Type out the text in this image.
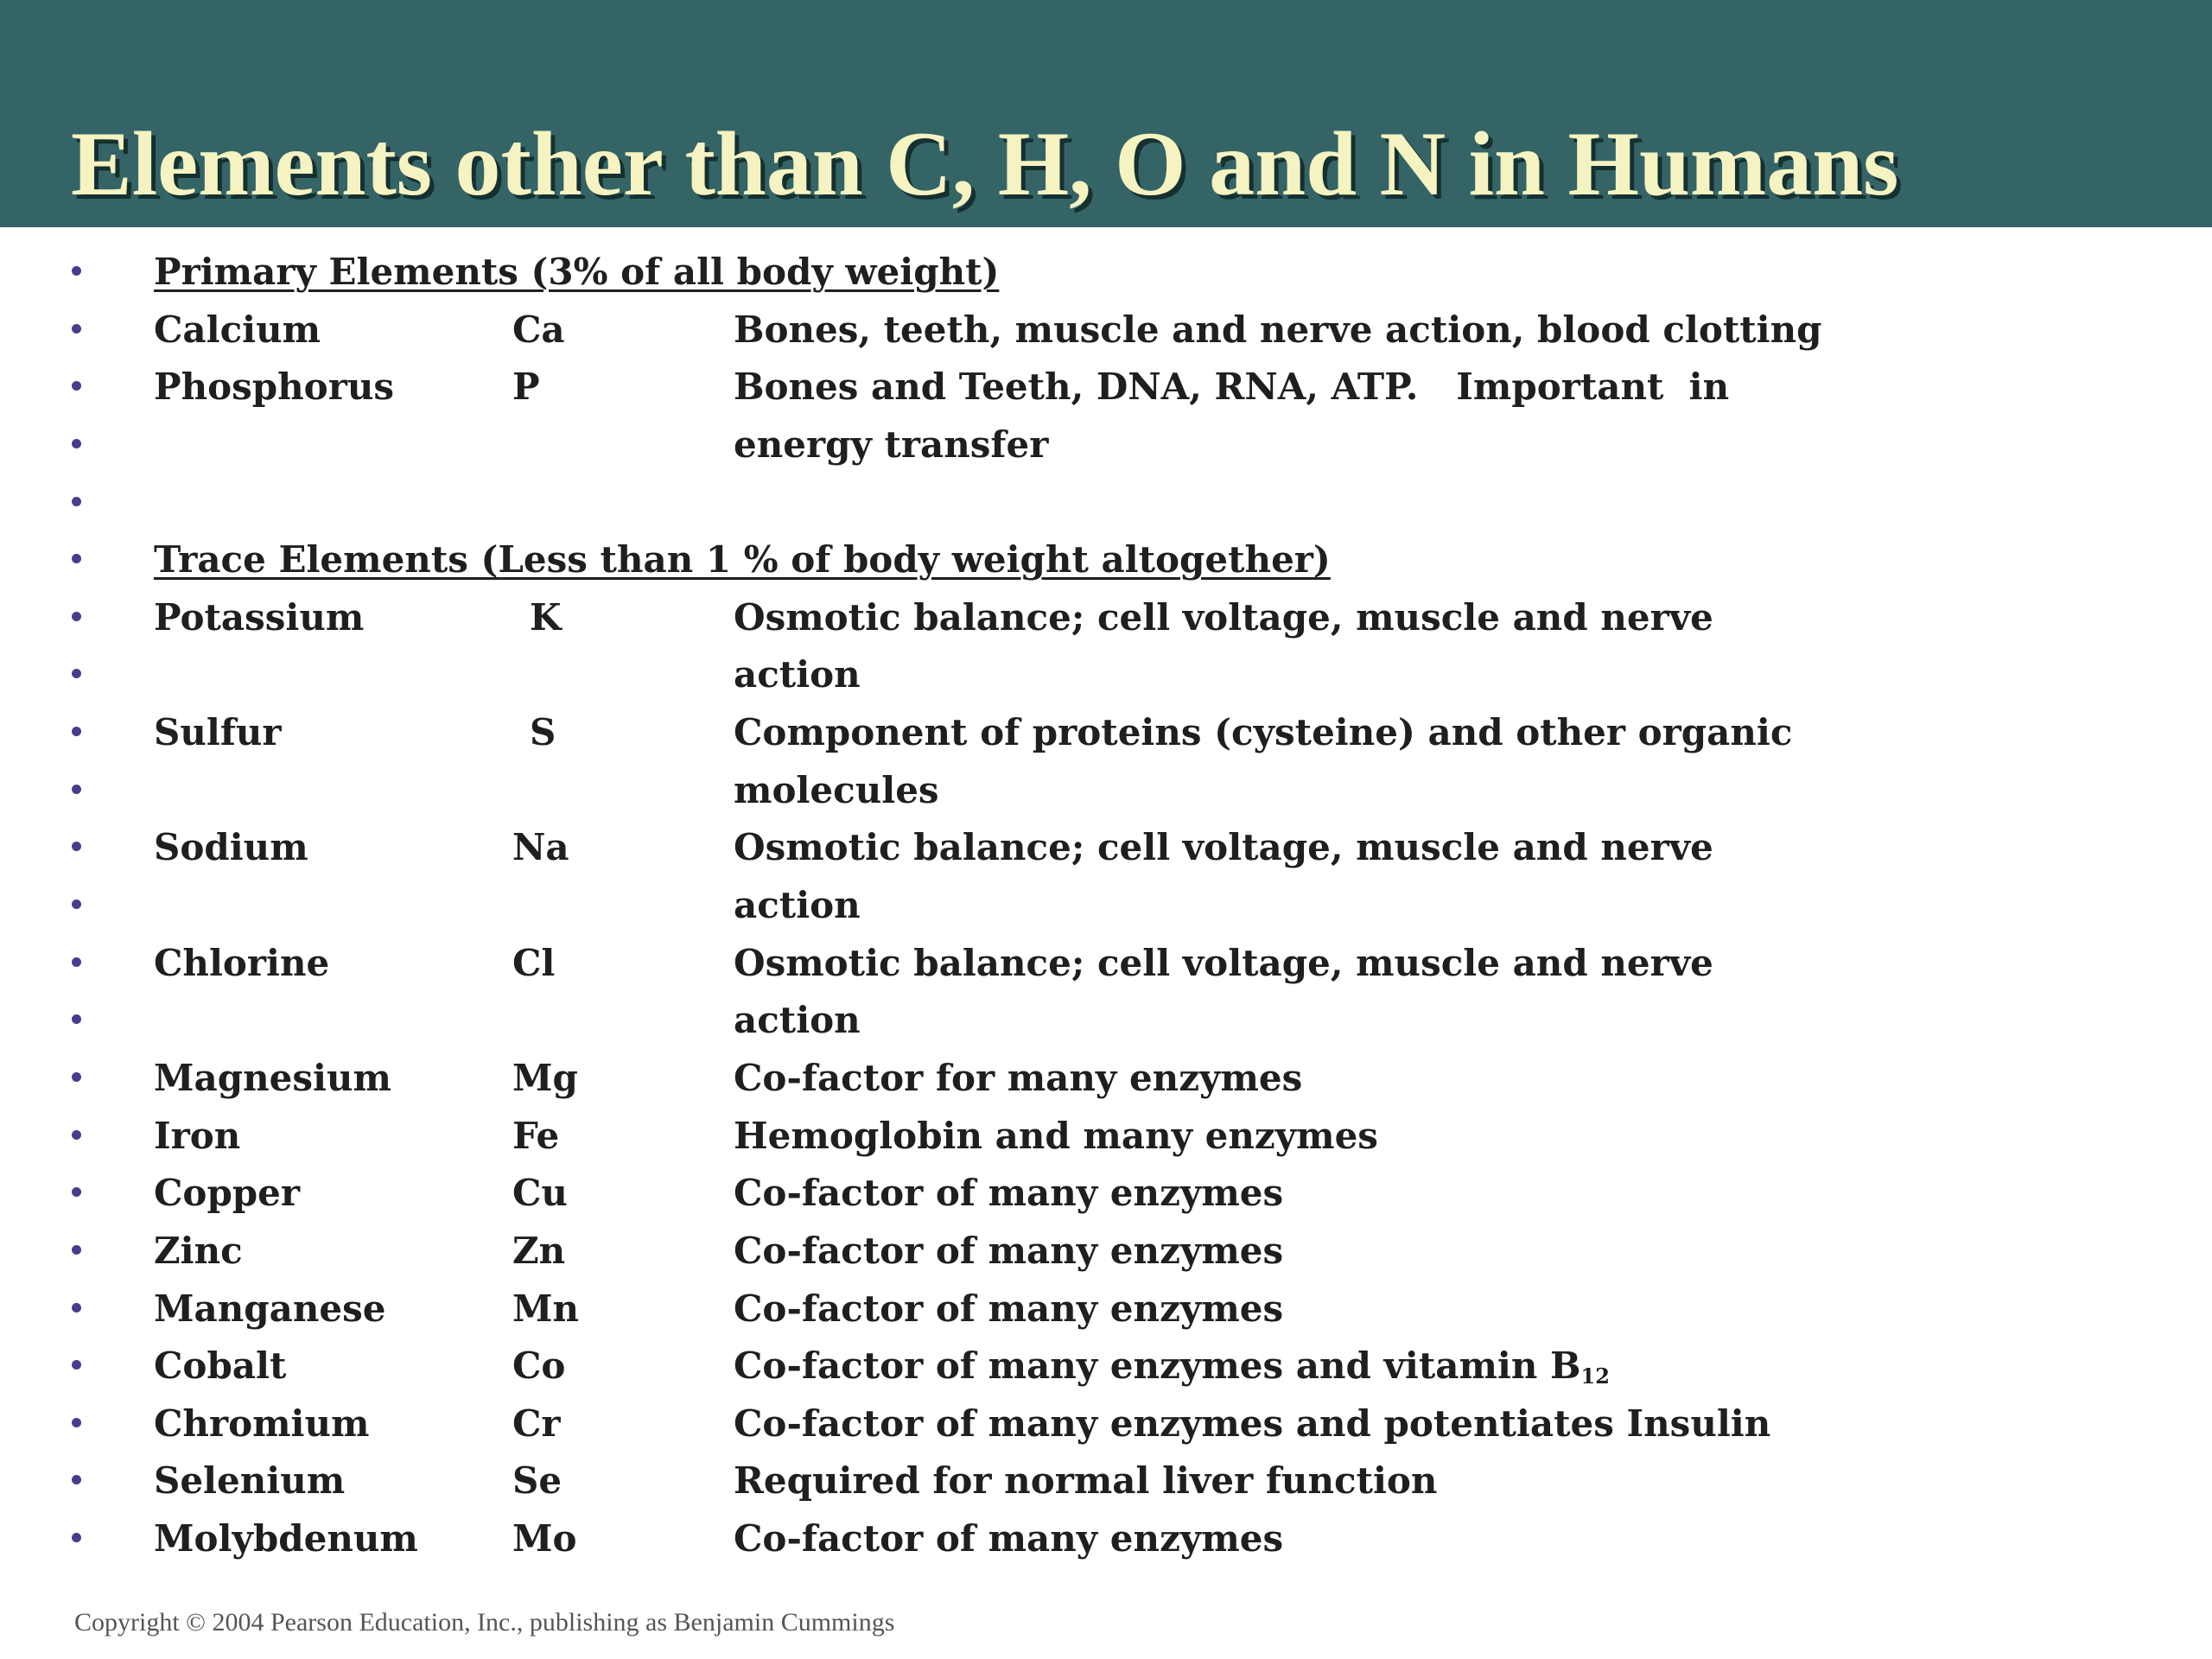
Elements other than C, H, O and N in Humans
Primary Elements (3% of all body weight)
Calcium	Ca	Bones, teeth, muscle and nerve action, blood clotting
Phosphorus	P	Bones and Teeth, DNA, RNA, ATP.   Important  in
energy transfer
Trace Elements (Less than 1 % of body weight altogether)
Potassium	K	Osmotic balance; cell voltage, muscle and nerve
action
Sulfur	S	Component of proteins (cysteine) and other organic
molecules
Sodium	Na	Osmotic balance; cell voltage, muscle and nerve
action
Chlorine	Cl	Osmotic balance; cell voltage, muscle and nerve
action
Magnesium	Mg	Co-factor for many enzymes
Iron	Fe	Hemoglobin and many enzymes
Copper	Cu	Co-factor of many enzymes
Zinc	Zn	Co-factor of many enzymes
Manganese	Mn	Co-factor of many enzymes
Cobalt	Co	Co-factor of many enzymes and vitamin $B_{12}$
Chromium	Cr	Co-factor of many enzymes and potentiates Insulin
Selenium	Se	Required for normal liver function
Molybdenum	Mo	Co-factor of many enzymes
Copyright © 2004 Pearson Education, Inc., publishing as Benjamin Cummings
